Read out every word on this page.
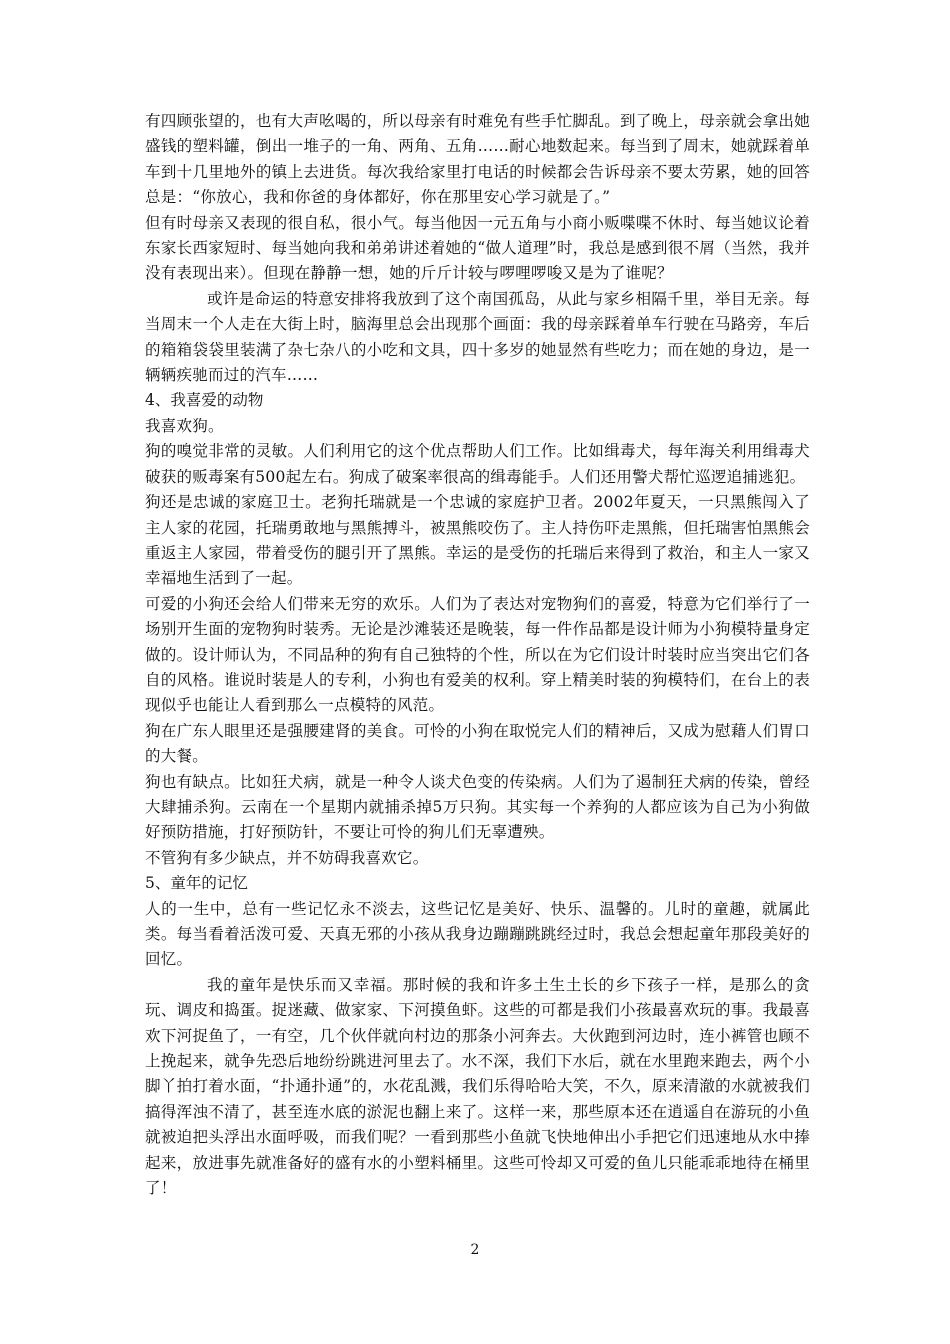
有四顾张望的，也有大声吆喝的，所以母亲有时难免有些手忙脚乱。到了晚上，母亲就会拿出她盛钱的塑料罐，倒出一堆子的一角、两角、五角……耐心地数起来。每当到了周末，她就踩着单车到十几里地外的镇上去进货。每次我给家里打电话的时候都会告诉母亲不要太劳累，她的回答总是：“你放心，我和你爸的身体都好，你在那里安心学习就是了。”

但有时母亲又表现的很自私，很小气。每当他因一元五角与小商小贩喋喋不休时、每当她议论着东家长西家短时、每当她向我和弟弟讲述着她的“做人道理”时，我总是感到很不屑（当然，我并没有表现出来）。但现在静静一想，她的斤斤计较与啰哩啰唆又是为了谁呢？

或许是命运的特意安排将我放到了这个南国孤岛，从此与家乡相隔千里，举目无亲。每当周末一个人走在大街上时，脑海里总会出现那个画面：我的母亲踩着单车行驶在马路旁，车后的箱箱袋袋里装满了杂七杂八的小吃和文具，四十多岁的她显然有些吃力；而在她的身边，是一辆辆疾驰而过的汽车……

4、我喜爱的动物

我喜欢狗。

狗的嗅觉非常的灵敏。人们利用它的这个优点帮助人们工作。比如缉毒犬，每年海关利用缉毒犬破获的贩毒案有500起左右。狗成了破案率很高的缉毒能手。人们还用警犬帮忙巡逻追捕逃犯。

狗还是忠诚的家庭卫士。老狗托瑞就是一个忠诚的家庭护卫者。2002年夏天，一只黑熊闯入了主人家的花园，托瑞勇敢地与黑熊搏斗，被黑熊咬伤了。主人持伤吓走黑熊，但托瑞害怕黑熊会重返主人家园，带着受伤的腿引开了黑熊。幸运的是受伤的托瑞后来得到了救治，和主人一家又幸福地生活到了一起。

可爱的小狗还会给人们带来无穷的欢乐。人们为了表达对宠物狗们的喜爱，特意为它们举行了一场别开生面的宠物狗时装秀。无论是沙滩装还是晚装，每一件作品都是设计师为小狗模特量身定做的。设计师认为，不同品种的狗有自己独特的个性，所以在为它们设计时装时应当突出它们各自的风格。谁说时装是人的专利，小狗也有爱美的权利。穿上精美时装的狗模特们，在台上的表现似乎也能让人看到那么一点模特的风范。

狗在广东人眼里还是强腰建肾的美食。可怜的小狗在取悦完人们的精神后，又成为慰藉人们胃口的大餐。

狗也有缺点。比如狂犬病，就是一种令人谈犬色变的传染病。人们为了遏制狂犬病的传染，曾经大肆捕杀狗。云南在一个星期内就捕杀掉5万只狗。其实每一个养狗的人都应该为自己为小狗做好预防措施，打好预防针，不要让可怜的狗儿们无辜遭殃。

不管狗有多少缺点，并不妨碍我喜欢它。

5、童年的记忆

人的一生中，总有一些记忆永不淡去，这些记忆是美好、快乐、温馨的。儿时的童趣，就属此类。每当看着活泼可爱、天真无邪的小孩从我身边蹦蹦跳跳经过时，我总会想起童年那段美好的回忆。

我的童年是快乐而又幸福。那时候的我和许多土生土长的乡下孩子一样，是那么的贪玩、调皮和捣蛋。捉迷藏、做家家、下河摸鱼虾。这些的可都是我们小孩最喜欢玩的事。我最喜欢下河捉鱼了，一有空，几个伙伴就向村边的那条小河奔去。大伙跑到河边时，连小裤管也顾不上挽起来，就争先恐后地纷纷跳进河里去了。水不深，我们下水后，就在水里跑来跑去，两个小脚丫拍打着水面，“扑通扑通”的，水花乱溅，我们乐得哈哈大笑，不久，原来清澈的水就被我们搞得浑浊不清了，甚至连水底的淤泥也翻上来了。这样一来，那些原本还在逍遥自在游玩的小鱼就被迫把头浮出水面呼吸，而我们呢？一看到那些小鱼就飞快地伸出小手把它们迅速地从水中捧起来，放进事先就准备好的盛有水的小塑料桶里。这些可怜却又可爱的鱼儿只能乖乖地待在桶里了！

2
